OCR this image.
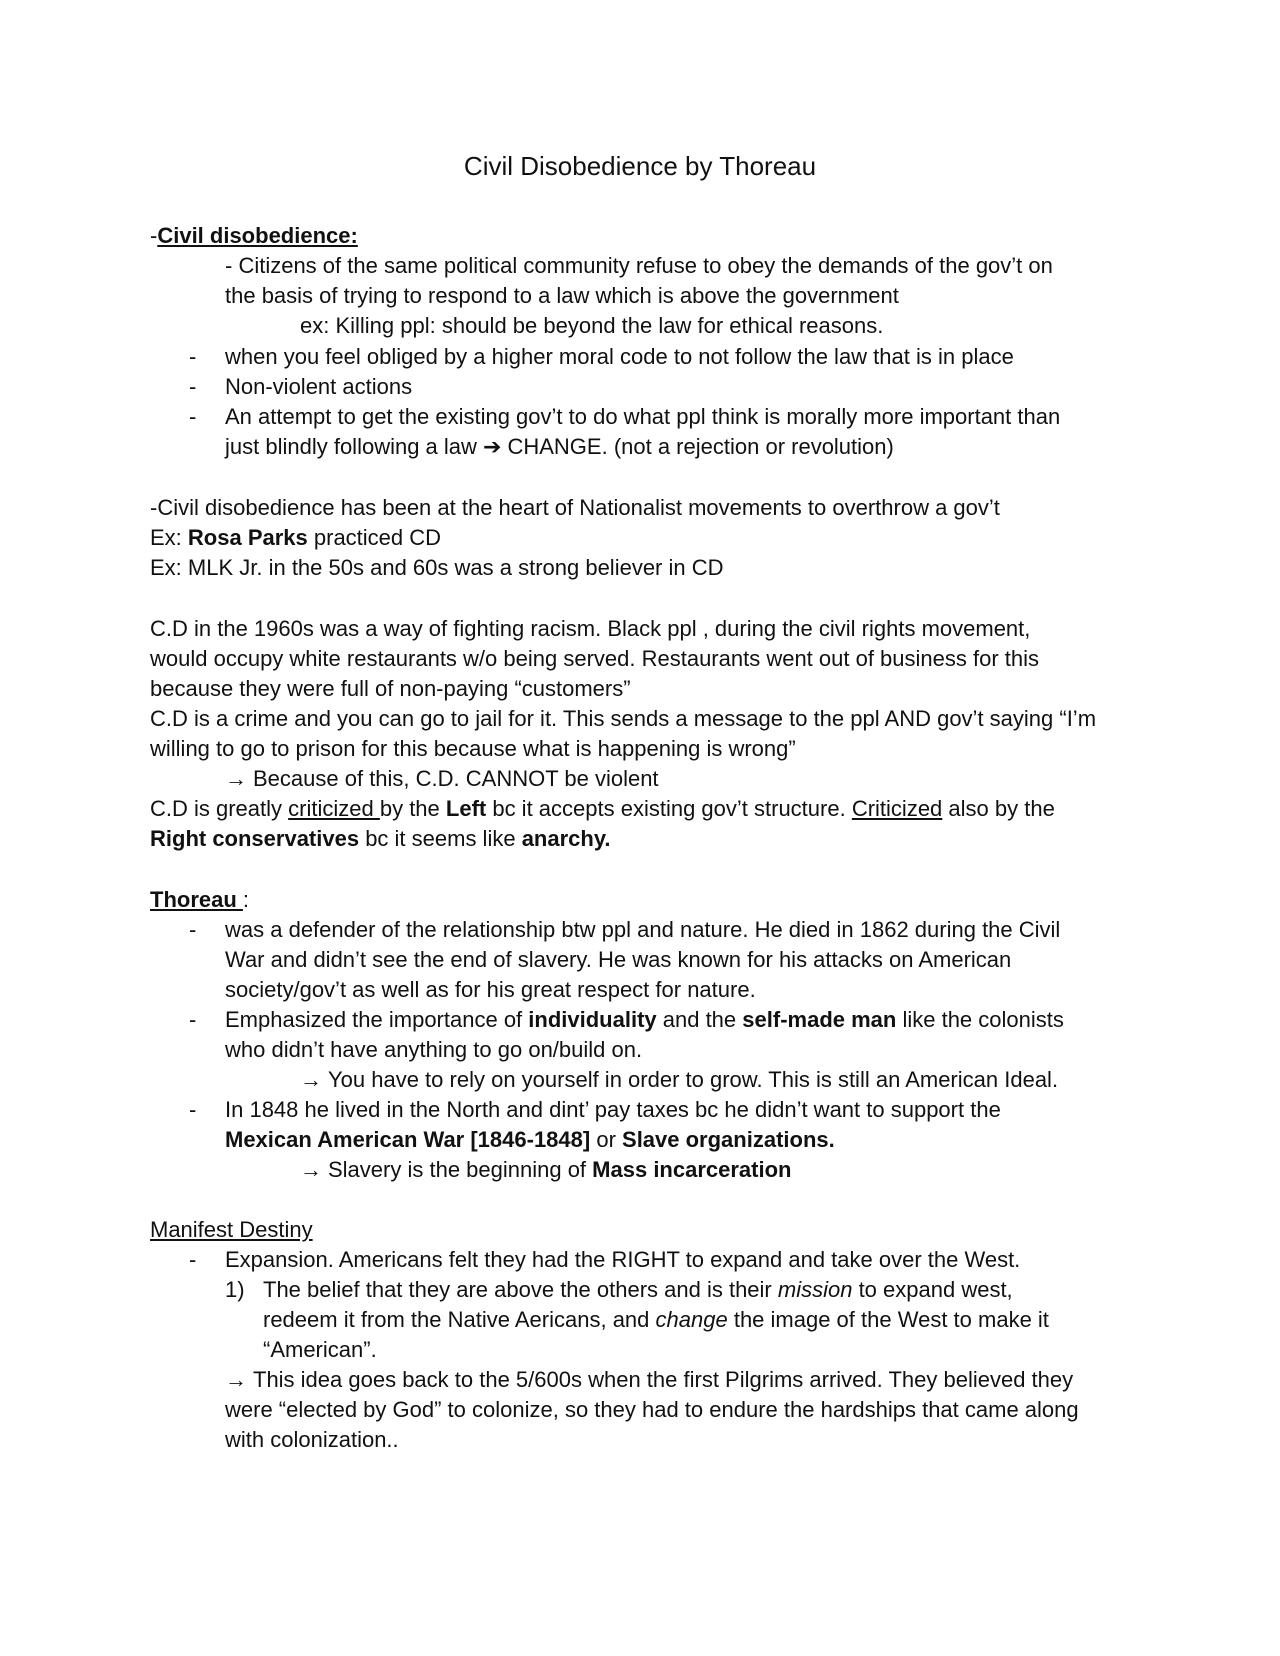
Civil Disobedience by Thoreau
-Civil disobedience:
- Citizens of the same political community refuse to obey the demands of the gov’t on
the basis of trying to respond to a law which is above the government
ex: Killing ppl: should be beyond the law for ethical reasons.
- when you feel obliged by a higher moral code to not follow the law that is in place
- Non-violent actions
- An attempt to get the existing gov’t to do what ppl think is morally more important than
just blindly following a law ➔ CHANGE. (not a rejection or revolution)
-Civil disobedience has been at the heart of Nationalist movements to overthrow a gov’t
Ex: Rosa Parks practiced CD
Ex: MLK Jr. in the 50s and 60s was a strong believer in CD
C.D in the 1960s was a way of fighting racism. Black ppl , during the civil rights movement,
would occupy white restaurants w/o being served. Restaurants went out of business for this
because they were full of non-paying “customers”
C.D is a crime and you can go to jail for it. This sends a message to the ppl AND gov’t saying “I’m
willing to go to prison for this because what is happening is wrong”
→ Because of this, C.D. CANNOT be violent
C.D is greatly criticized by the Left bc it accepts existing gov’t structure. Criticized also by the
Right conservatives bc it seems like anarchy.
Thoreau :
- was a defender of the relationship btw ppl and nature. He died in 1862 during the Civil
War and didn’t see the end of slavery. He was known for his attacks on American
society/gov’t as well as for his great respect for nature.
- Emphasized the importance of individuality and the self-made man like the colonists
who didn’t have anything to go on/build on.
→ You have to rely on yourself in order to grow. This is still an American Ideal.
- In 1848 he lived in the North and dint’ pay taxes bc he didn’t want to support the
Mexican American War [1846-1848] or Slave organizations.
→ Slavery is the beginning of Mass incarceration
Manifest Destiny
- Expansion. Americans felt they had the RIGHT to expand and take over the West.
1) The belief that they are above the others and is their mission to expand west,
redeem it from the Native Aericans, and change the image of the West to make it
“American”.
→ This idea goes back to the 5/600s when the first Pilgrims arrived. They believed they
were “elected by God” to colonize, so they had to endure the hardships that came along
with colonization..
